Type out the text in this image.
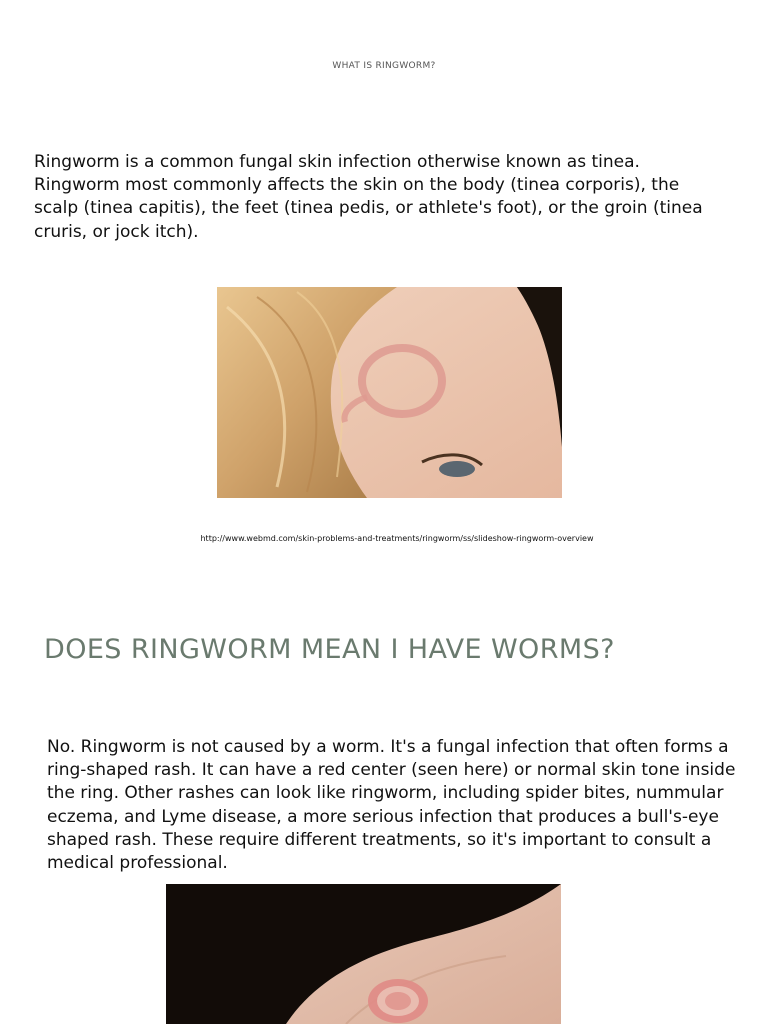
WHAT IS RINGWORM?

Ringworm is a common fungal skin infection otherwise known as tinea. Ringworm most commonly affects the skin on the body (tinea corporis), the scalp (tinea capitis), the feet (tinea pedis, or athlete's foot), or the groin (tinea cruris, or jock itch).

http://www.webmd.com/skin-problems-and-treatments/ringworm/ss/slideshow-ringworm-overview
DOES RINGWORM MEAN I HAVE WORMS?

No. Ringworm is not caused by a worm. It's a fungal infection that often forms a ring-shaped rash. It can have a red center (seen here) or normal skin tone inside the ring. Other rashes can look like ringworm, including spider bites, nummular eczema, and Lyme disease, a more serious infection that produces a bull's-eye shaped rash. These require different treatments, so it's important to consult a medical professional.
